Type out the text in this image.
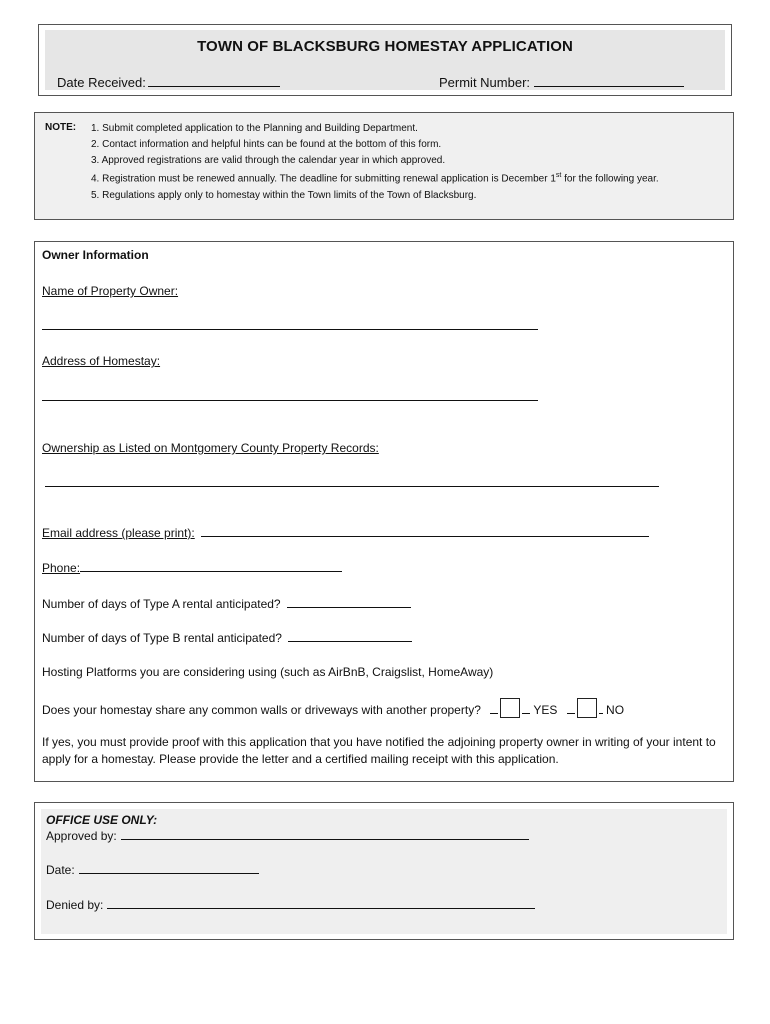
TOWN OF BLACKSBURG HOMESTAY APPLICATION
Date Received:	Permit Number:
NOTE: 1. Submit completed application to the Planning and Building Department.
2. Contact information and helpful hints can be found at the bottom of this form.
3. Approved registrations are valid through the calendar year in which approved.
4. Registration must be renewed annually. The deadline for submitting renewal application is December 1st for the following year.
5. Regulations apply only to homestay within the Town limits of the Town of Blacksburg.
Owner Information
Name of Property Owner:
Address of Homestay:
Ownership as Listed on Montgomery County Property Records:
Email address (please print):
Phone:
Number of days of Type A rental anticipated?
Number of days of Type B rental anticipated?
Hosting Platforms you are considering using (such as AirBnB, Craigslist, HomeAway)
Does your homestay share any common walls or driveways with another property?	YES	NO
If yes, you must provide proof with this application that you have notified the adjoining property owner in writing of your intent to apply for a homestay. Please provide the letter and a certified mailing receipt with this application.
OFFICE USE ONLY:
Approved by:
Date:
Denied by:
